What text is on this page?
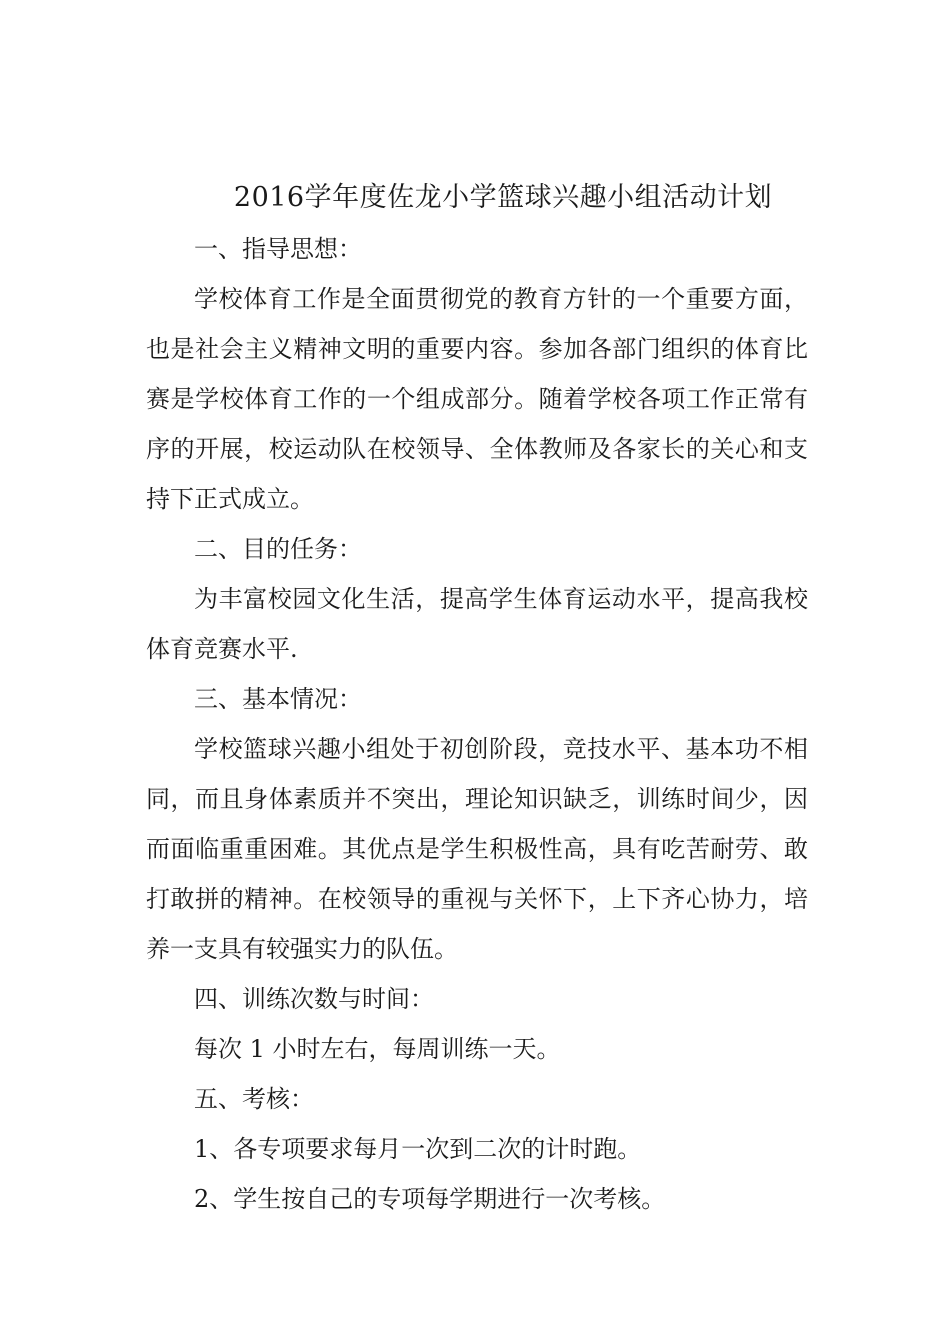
2016学年度佐龙小学篮球兴趣小组活动计划

一、指导思想：

学校体育工作是全面贯彻党的教育方针的一个重要方面，也是社会主义精神文明的重要内容。参加各部门组织的体育比赛是学校体育工作的一个组成部分。随着学校各项工作正常有序的开展，校运动队在校领导、全体教师及各家长的关心和支持下正式成立。

二、目的任务：

为丰富校园文化生活，提高学生体育运动水平，提高我校体育竞赛水平.

三、基本情况：

学校篮球兴趣小组处于初创阶段，竞技水平、基本功不相同，而且身体素质并不突出，理论知识缺乏，训练时间少，因而面临重重困难。其优点是学生积极性高，具有吃苦耐劳、敢打敢拼的精神。在校领导的重视与关怀下，上下齐心协力，培养一支具有较强实力的队伍。

四、训练次数与时间：

每次 1 小时左右，每周训练一天。

五、考核：

1、各专项要求每月一次到二次的计时跑。

2、学生按自己的专项每学期进行一次考核。
